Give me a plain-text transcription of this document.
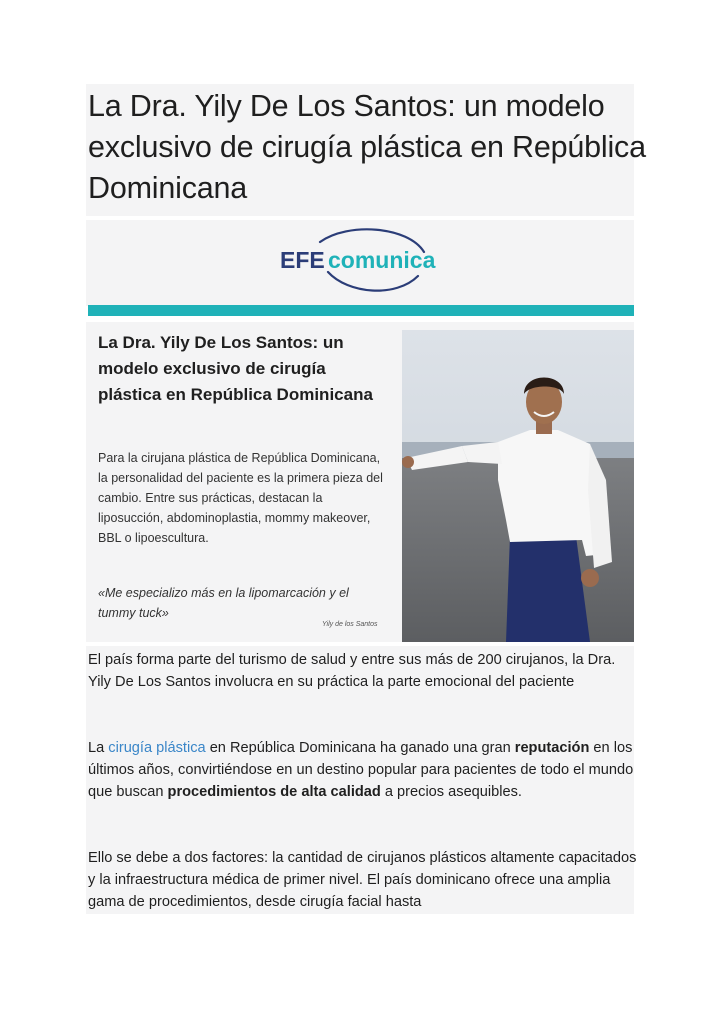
La Dra. Yily De Los Santos: un modelo exclusivo de cirugía plástica en República Dominicana
EFE comunica
La Dra. Yily De Los Santos: un modelo exclusivo de cirugía plástica en República Dominicana

Para la cirujana plástica de República Dominicana, la personalidad del paciente es la primera pieza del cambio. Entre sus prácticas, destacan la liposucción, abdominoplastia, mommy makeover, BBL o lipoescultura.

«Me especializo más en la lipomarcación y el tummy tuck»

Yily de los Santos

El país forma parte del turismo de salud y entre sus más de 200 cirujanos, la Dra. Yily De Los Santos involucra en su práctica la parte emocional del paciente

La cirugía plástica en República Dominicana ha ganado una gran reputación en los últimos años, convirtiéndose en un destino popular para pacientes de todo el mundo que buscan procedimientos de alta calidad a precios asequibles.

Ello se debe a dos factores: la cantidad de cirujanos plásticos altamente capacitados y la infraestructura médica de primer nivel. El país dominicano ofrece una amplia gama de procedimientos, desde cirugía facial hasta
